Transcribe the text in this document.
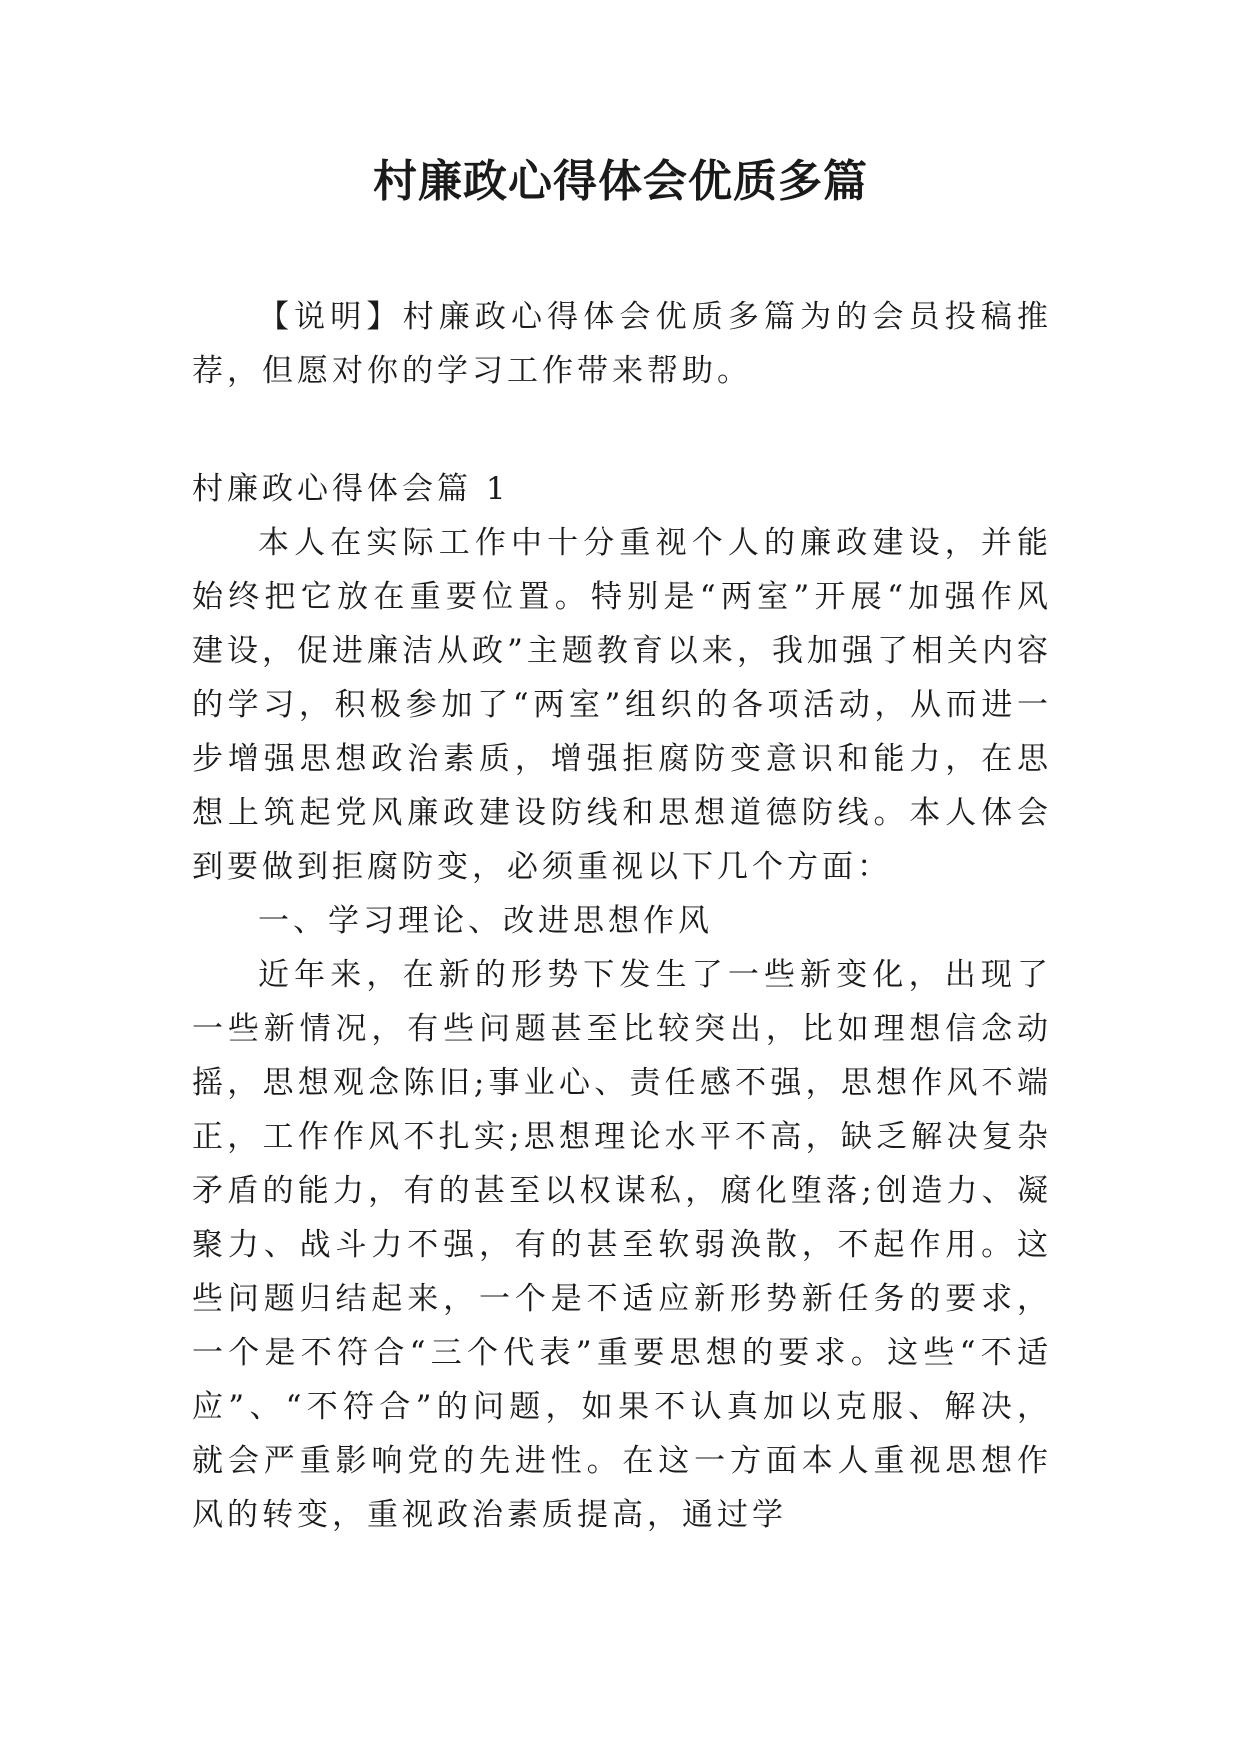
村廉政心得体会优质多篇

【说明】村廉政心得体会优质多篇为的会员投稿推荐，但愿对你的学习工作带来帮助。

村廉政心得体会篇 1

本人在实际工作中十分重视个人的廉政建设，并能始终把它放在重要位置。特别是“两室”开展“加强作风建设，促进廉洁从政”主题教育以来，我加强了相关内容的学习，积极参加了“两室”组织的各项活动，从而进一步增强思想政治素质，增强拒腐防变意识和能力，在思想上筑起党风廉政建设防线和思想道德防线。本人体会到要做到拒腐防变，必须重视以下几个方面：

一、学习理论、改进思想作风

近年来，在新的形势下发生了一些新变化，出现了一些新情况，有些问题甚至比较突出，比如理想信念动摇，思想观念陈旧;事业心、责任感不强，思想作风不端正，工作作风不扎实;思想理论水平不高，缺乏解决复杂矛盾的能力，有的甚至以权谋私，腐化堕落;创造力、凝聚力、战斗力不强，有的甚至软弱涣散，不起作用。这些问题归结起来，一个是不适应新形势新任务的要求，一个是不符合“三个代表”重要思想的要求。这些“不适应”、“不符合”的问题，如果不认真加以克服、解决，就会严重影响党的先进性。在这一方面本人重视思想作风的转变，重视政治素质提高，通过学
